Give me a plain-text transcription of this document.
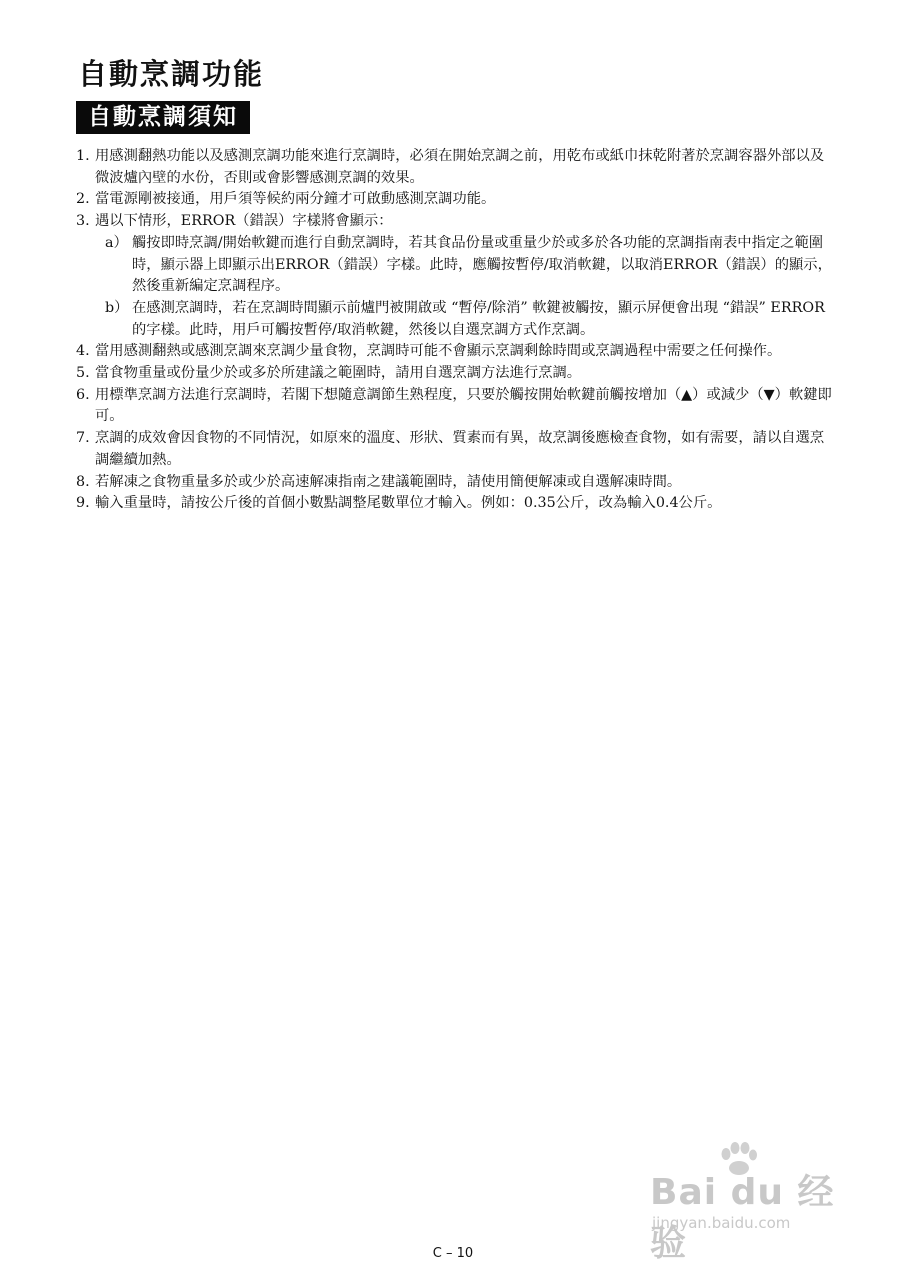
自動烹調功能
自動烹調須知
1. 用感測翻熱功能以及感測烹調功能來進行烹調時，必須在開始烹調之前，用乾布或紙巾抹乾附著於烹調容器外部以及微波爐內壁的水份，否則或會影響感測烹調的效果。
2. 當電源剛被接通，用戶須等候約兩分鐘才可啟動感測烹調功能。
3. 遇以下情形，ERROR（錯誤）字樣將會顯示：
a） 觸按即時烹調/開始軟鍵而進行自動烹調時，若其食品份量或重量少於或多於各功能的烹調指南表中指定之範圍時，顯示器上即顯示出ERROR（錯誤）字樣。此時，應觸按暫停/取消軟鍵，以取消ERROR（錯誤）的顯示，然後重新編定烹調程序。
b） 在感測烹調時，若在烹調時間顯示前爐門被開啟或 “暫停/除消” 軟鍵被觸按，顯示屏便會出現 “錯誤” ERROR的字樣。此時，用戶可觸按暫停/取消軟鍵，然後以自選烹調方式作烹調。
4. 當用感測翻熱或感測烹調來烹調少量食物，烹調時可能不會顯示烹調剩餘時間或烹調過程中需要之任何操作。
5. 當食物重量或份量少於或多於所建議之範圍時，請用自選烹調方法進行烹調。
6. 用標準烹調方法進行烹調時，若閣下想隨意調節生熟程度，只要於觸按開始軟鍵前觸按增加（▲）或減少（▼）軟鍵即可。
7. 烹調的成效會因食物的不同情況，如原來的溫度、形狀、質素而有異，故烹調後應檢查食物，如有需要，請以自選烹調繼續加熱。
8. 若解凍之食物重量多於或少於高速解凍指南之建議範圍時，請使用簡便解凍或自選解凍時間。
9. 輸入重量時，請按公斤後的首個小數點調整尾數單位才輸入。例如：0.35公斤，改為輸入0.4公斤。
Bai du 经验
jingyan.baidu.com
C – 10
